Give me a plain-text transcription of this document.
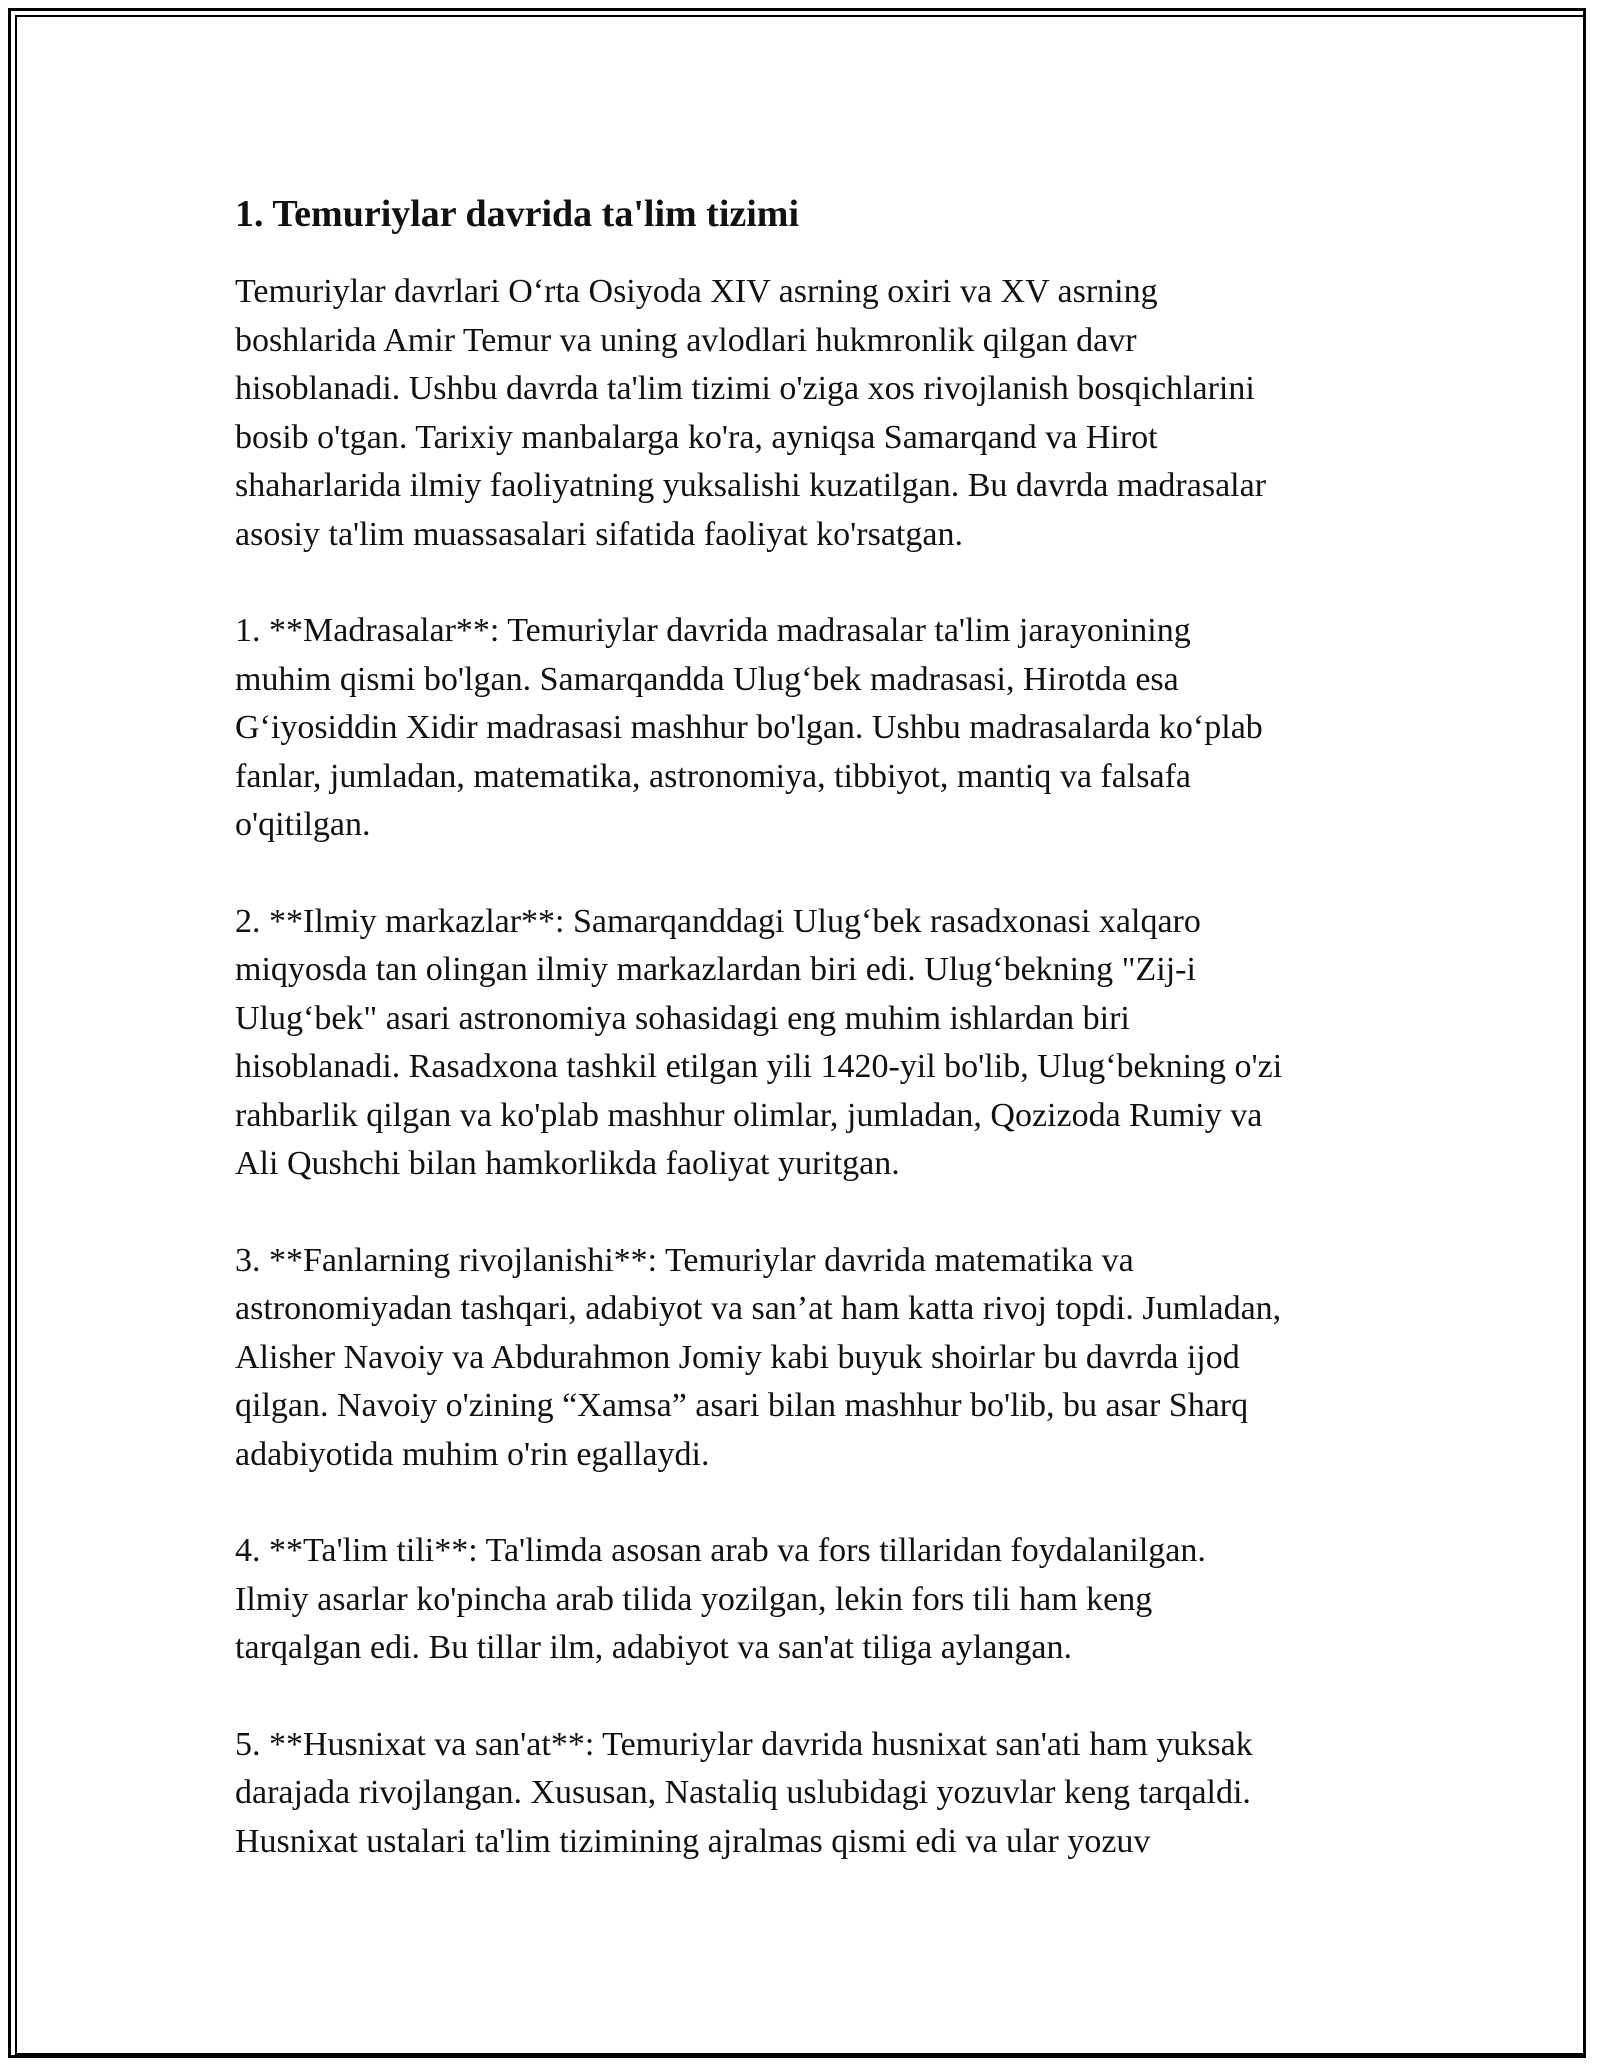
1. Temuriylar davrida ta'lim tizimi

Temuriylar davrlari O‘rta Osiyoda XIV asrning oxiri va XV asrning
boshlarida Amir Temur va uning avlodlari hukmronlik qilgan davr
hisoblanadi. Ushbu davrda ta'lim tizimi o'ziga xos rivojlanish bosqichlarini
bosib o'tgan. Tarixiy manbalarga ko'ra, ayniqsa Samarqand va Hirot
shaharlarida ilmiy faoliyatning yuksalishi kuzatilgan. Bu davrda madrasalar
asosiy ta'lim muassasalari sifatida faoliyat ko'rsatgan.

1. **Madrasalar**: Temuriylar davrida madrasalar ta'lim jarayonining
muhim qismi bo'lgan. Samarqandda Ulug‘bek madrasasi, Hirotda esa
G‘iyosiddin Xidir madrasasi mashhur bo'lgan. Ushbu madrasalarda ko‘plab
fanlar, jumladan, matematika, astronomiya, tibbiyot, mantiq va falsafa
o'qitilgan.

2. **Ilmiy markazlar**: Samarqanddagi Ulug‘bek rasadxonasi xalqaro
miqyosda tan olingan ilmiy markazlardan biri edi. Ulug‘bekning "Zij-i
Ulug‘bek" asari astronomiya sohasidagi eng muhim ishlardan biri
hisoblanadi. Rasadxona tashkil etilgan yili 1420-yil bo'lib, Ulug‘bekning o'zi
rahbarlik qilgan va ko'plab mashhur olimlar, jumladan, Qozizoda Rumiy va
Ali Qushchi bilan hamkorlikda faoliyat yuritgan.

3. **Fanlarning rivojlanishi**: Temuriylar davrida matematika va
astronomiyadan tashqari, adabiyot va san’at ham katta rivoj topdi. Jumladan,
Alisher Navoiy va Abdurahmon Jomiy kabi buyuk shoirlar bu davrda ijod
qilgan. Navoiy o'zining “Xamsa” asari bilan mashhur bo'lib, bu asar Sharq
adabiyotida muhim o'rin egallaydi.

4. **Ta'lim tili**: Ta'limda asosan arab va fors tillaridan foydalanilgan.
Ilmiy asarlar ko'pincha arab tilida yozilgan, lekin fors tili ham keng
tarqalgan edi. Bu tillar ilm, adabiyot va san'at tiliga aylangan.

5. **Husnixat va san'at**: Temuriylar davrida husnixat san'ati ham yuksak
darajada rivojlangan. Xususan, Nastaliq uslubidagi yozuvlar keng tarqaldi.
Husnixat ustalari ta'lim tizimining ajralmas qismi edi va ular yozuv
